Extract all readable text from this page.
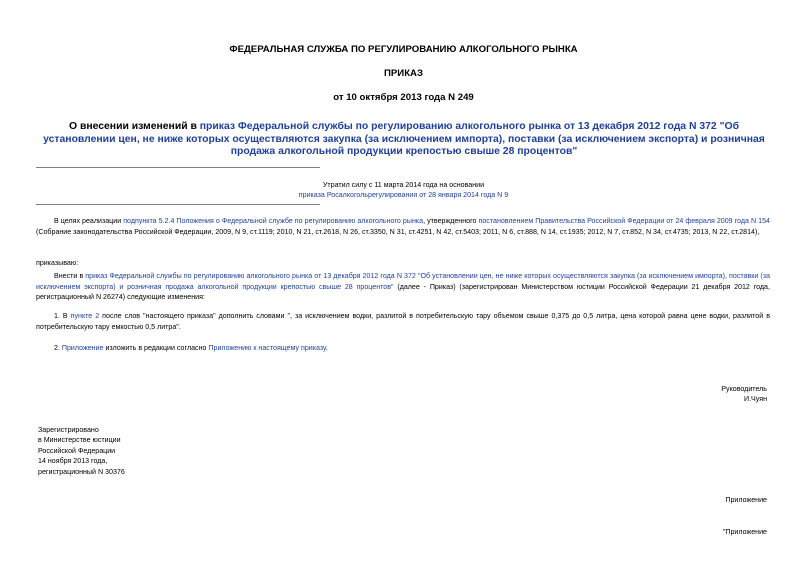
ФЕДЕРАЛЬНАЯ СЛУЖБА ПО РЕГУЛИРОВАНИЮ АЛКОГОЛЬНОГО РЫНКА
ПРИКАЗ
от 10 октября 2013 года N 249
О внесении изменений в приказ Федеральной службы по регулированию алкогольного рынка от 13 декабря 2012 года N 372 "Об установлении цен, не ниже которых осуществляются закупка (за исключением импорта), поставки (за исключением экспорта) и розничная продажа алкогольной продукции крепостью свыше 28 процентов"
Утратил силу с 11 марта 2014 года на основании
приказа Росалкогольрегулирования от 28 января 2014 года N 9

В целях реализации подпункта 5.2.4 Положения о Федеральной службе по регулированию алкогольного рынка, утвержденного постановлением Правительства Российской Федерации от 24 февраля 2009 года N 154 (Собрание законодательства Российской Федерации, 2009, N 9, ст.1119; 2010, N 21, ст.2618, N 26, ст.3350, N 31, ст.4251, N 42, ст.5403; 2011, N 6, ст.888, N 14, ст.1935; 2012, N 7, ст.852, N 34, ст.4735; 2013, N 22, ст.2814),

приказываю:

Внести в приказ Федеральной службы по регулированию алкогольного рынка от 13 декабря 2012 года N 372 "Об установлении цен, не ниже которых осуществляются закупка (за исключением импорта), поставки (за исключением экспорта) и розничная продажа алкогольной продукции крепостью свыше 28 процентов" (далее - Приказ) (зарегистрирован Министерством юстиции Российской Федерации 21 декабря 2012 года, регистрационный N 26274) следующие изменения:

1. В пункте 2 после слов "настоящего приказа" дополнить словами ", за исключением водки, разлитой в потребительскую тару объемом свыше 0,375 до 0,5 литра, цена которой равна цене водки, разлитой в потребительскую тару емкостью 0,5 литра".

2. Приложение изложить в редакции согласно Приложению к настоящему приказу.

Руководитель
И.Чуян
Зарегистрировано
в Министерстве юстиции
Российской Федерации
14 ноября 2013 года,
регистрационный N 30376
Приложение
"Приложение
